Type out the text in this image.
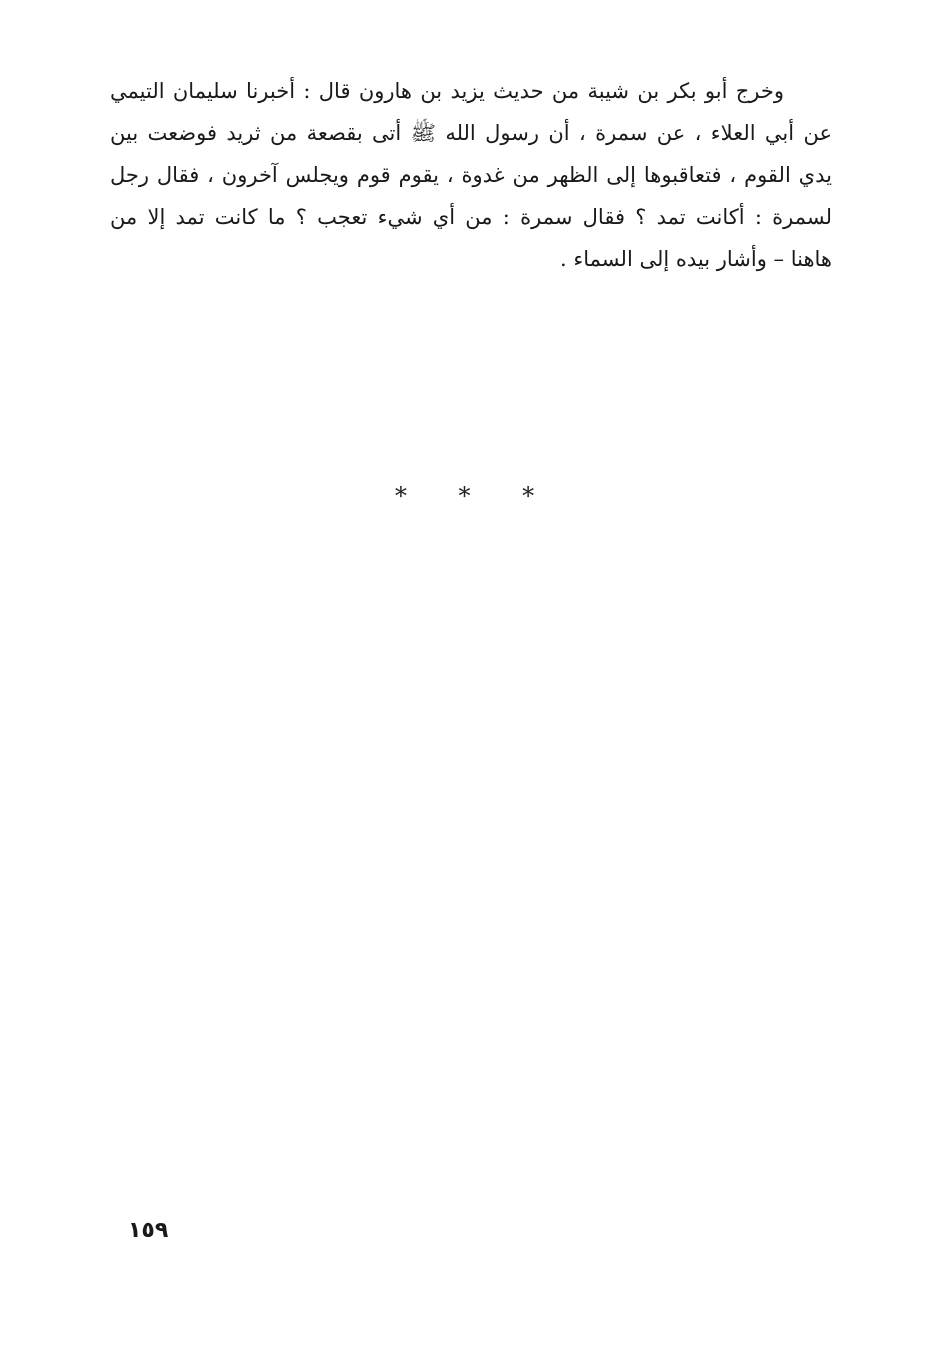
وخرج أبو بكر بن شيبة من حديث يزيد بن هارون قال : أخبرنا سليمان التيمي
عن أبي العلاء ، عن سمرة ، أن رسول الله ﷺ أتى بقصعة من ثريد فوضعت بين
يدي القوم ، فتعاقبوها إلى الظهر من غدوة ، يقوم قوم ويجلس آخرون ، فقال رجل
لسمرة : أكانت تمد ؟ فقال سمرة : من أي شيء تعجب ؟ ما كانت تمد إلا من
هاهنا – وأشار بيده إلى السماء .
* * *
١٥٩
